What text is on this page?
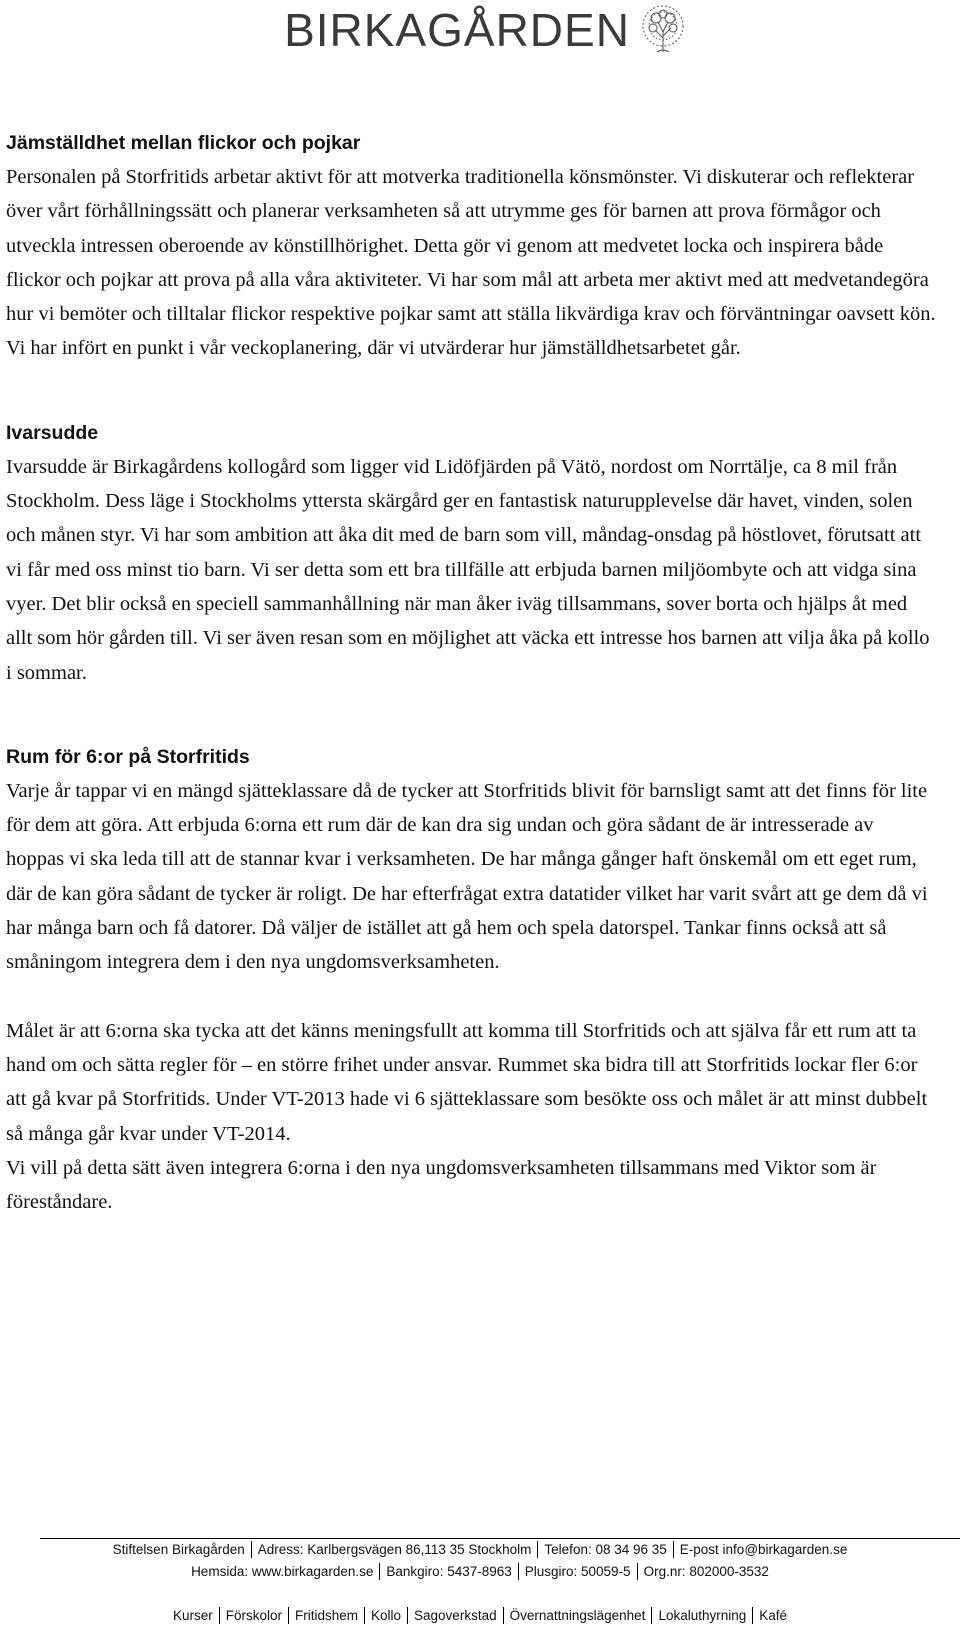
BIRKAGÅRDEN
Jämställdhet mellan flickor och pojkar

Personalen på Storfritids arbetar aktivt för att motverka traditionella könsmönster. Vi diskuterar och reflekterar över vårt förhållningssätt och planerar verksamheten så att utrymme ges för barnen att prova förmågor och utveckla intressen oberoende av könstillhörighet. Detta gör vi genom att medvetet locka och inspirera både flickor och pojkar att prova på alla våra aktiviteter. Vi har som mål att arbeta mer aktivt med att medvetandegöra hur vi bemöter och tilltalar flickor respektive pojkar samt att ställa likvärdiga krav och förväntningar oavsett kön. Vi har infört en punkt i vår veckoplanering, där vi utvärderar hur jämställdhetsarbetet går.

Ivarsudde

Ivarsudde är Birkagårdens kollogård som ligger vid Lidöfjärden på Vätö, nordost om Norrtälje, ca 8 mil från Stockholm. Dess läge i Stockholms yttersta skärgård ger en fantastisk naturupplevelse där havet, vinden, solen och månen styr. Vi har som ambition att åka dit med de barn som vill, måndag-onsdag på höstlovet, förutsatt att vi får med oss minst tio barn. Vi ser detta som ett bra tillfälle att erbjuda barnen miljöombyte och att vidga sina vyer. Det blir också en speciell sammanhållning när man åker iväg tillsammans, sover borta och hjälps åt med allt som hör gården till. Vi ser även resan som en möjlighet att väcka ett intresse hos barnen att vilja åka på kollo i sommar.

Rum för 6:or på Storfritids

Varje år tappar vi en mängd sjätteklassare då de tycker att Storfritids blivit för barnsligt samt att det finns för lite för dem att göra. Att erbjuda 6:orna ett rum där de kan dra sig undan och göra sådant de är intresserade av hoppas vi ska leda till att de stannar kvar i verksamheten. De har många gånger haft önskemål om ett eget rum, där de kan göra sådant de tycker är roligt. De har efterfrågat extra datatider vilket har varit svårt att ge dem då vi har många barn och få datorer. Då väljer de istället att gå hem och spela datorspel. Tankar finns också att så småningom integrera dem i den nya ungdomsverksamheten.

Målet är att 6:orna ska tycka att det känns meningsfullt att komma till Storfritids och att själva får ett rum att ta hand om och sätta regler för – en större frihet under ansvar. Rummet ska bidra till att Storfritids lockar fler 6:or att gå kvar på Storfritids. Under VT-2013 hade vi 6 sjätteklassare som besökte oss och målet är att minst dubbelt så många går kvar under VT-2014.

Vi vill på detta sätt även integrera 6:orna i den nya ungdomsverksamheten tillsammans med Viktor som är föreståndare.

Stiftelsen Birkagården Adress: Karlbergsvägen 86,113 35 Stockholm Telefon: 08 34 96 35 E-post info@birkagarden.se
Hemsida: www.birkagarden.se Bankgiro: 5437-8963 Plusgiro: 50059-5 Org.nr: 802000-3532
Kurser Förskolor Fritidshem Kollo Sagoverkstad Övernattningslägenhet Lokaluthyrning Kafé
